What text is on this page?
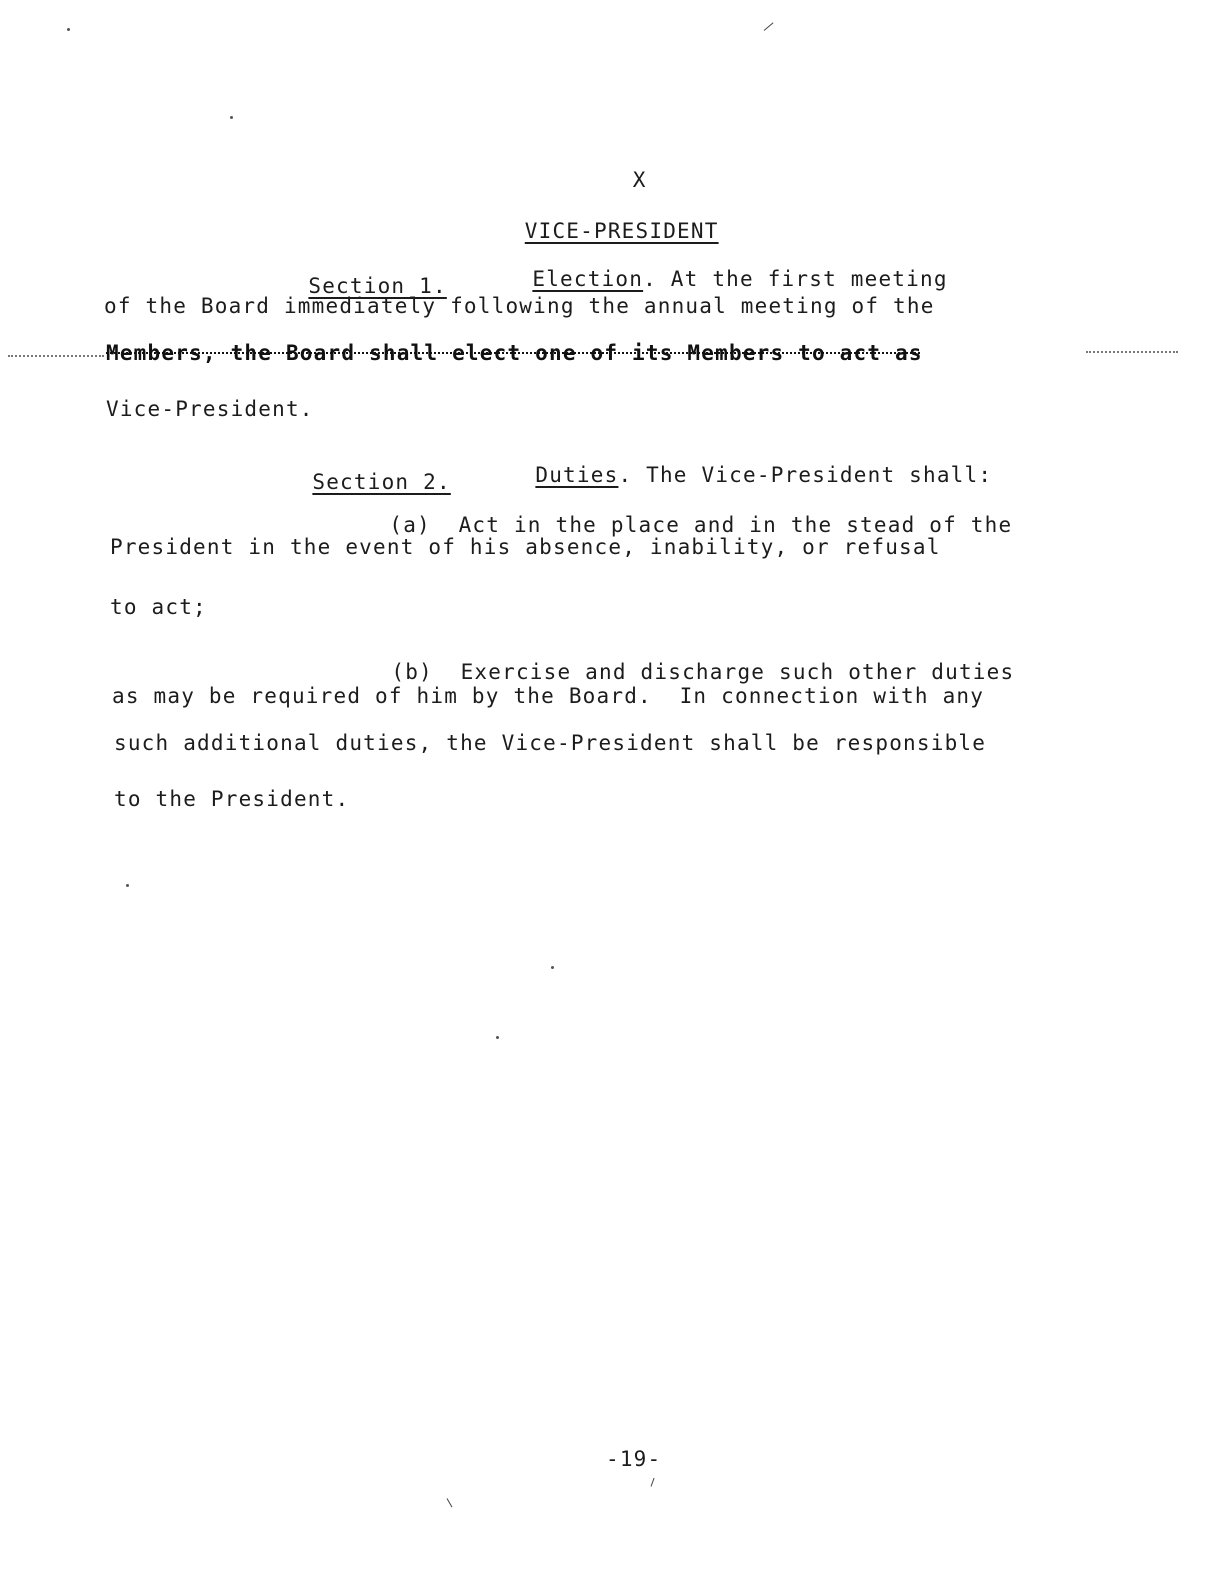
X

VICE-PRESIDENT

Section 1.
	Election. At the first meeting

of the Board immediately following the annual meeting of the
Members, the Board shall elect one of its Members to act as
Vice-President.

Section 2.
	Duties. The Vice-President shall:

(a) Act in the place and in the stead of the

President in the event of his absence, inability, or refusal
to act;

(b) Exercise and discharge such other duties

as may be required of him by the Board.  In connection with any
such additional duties, the Vice-President shall be responsible
to the President.

-19-
